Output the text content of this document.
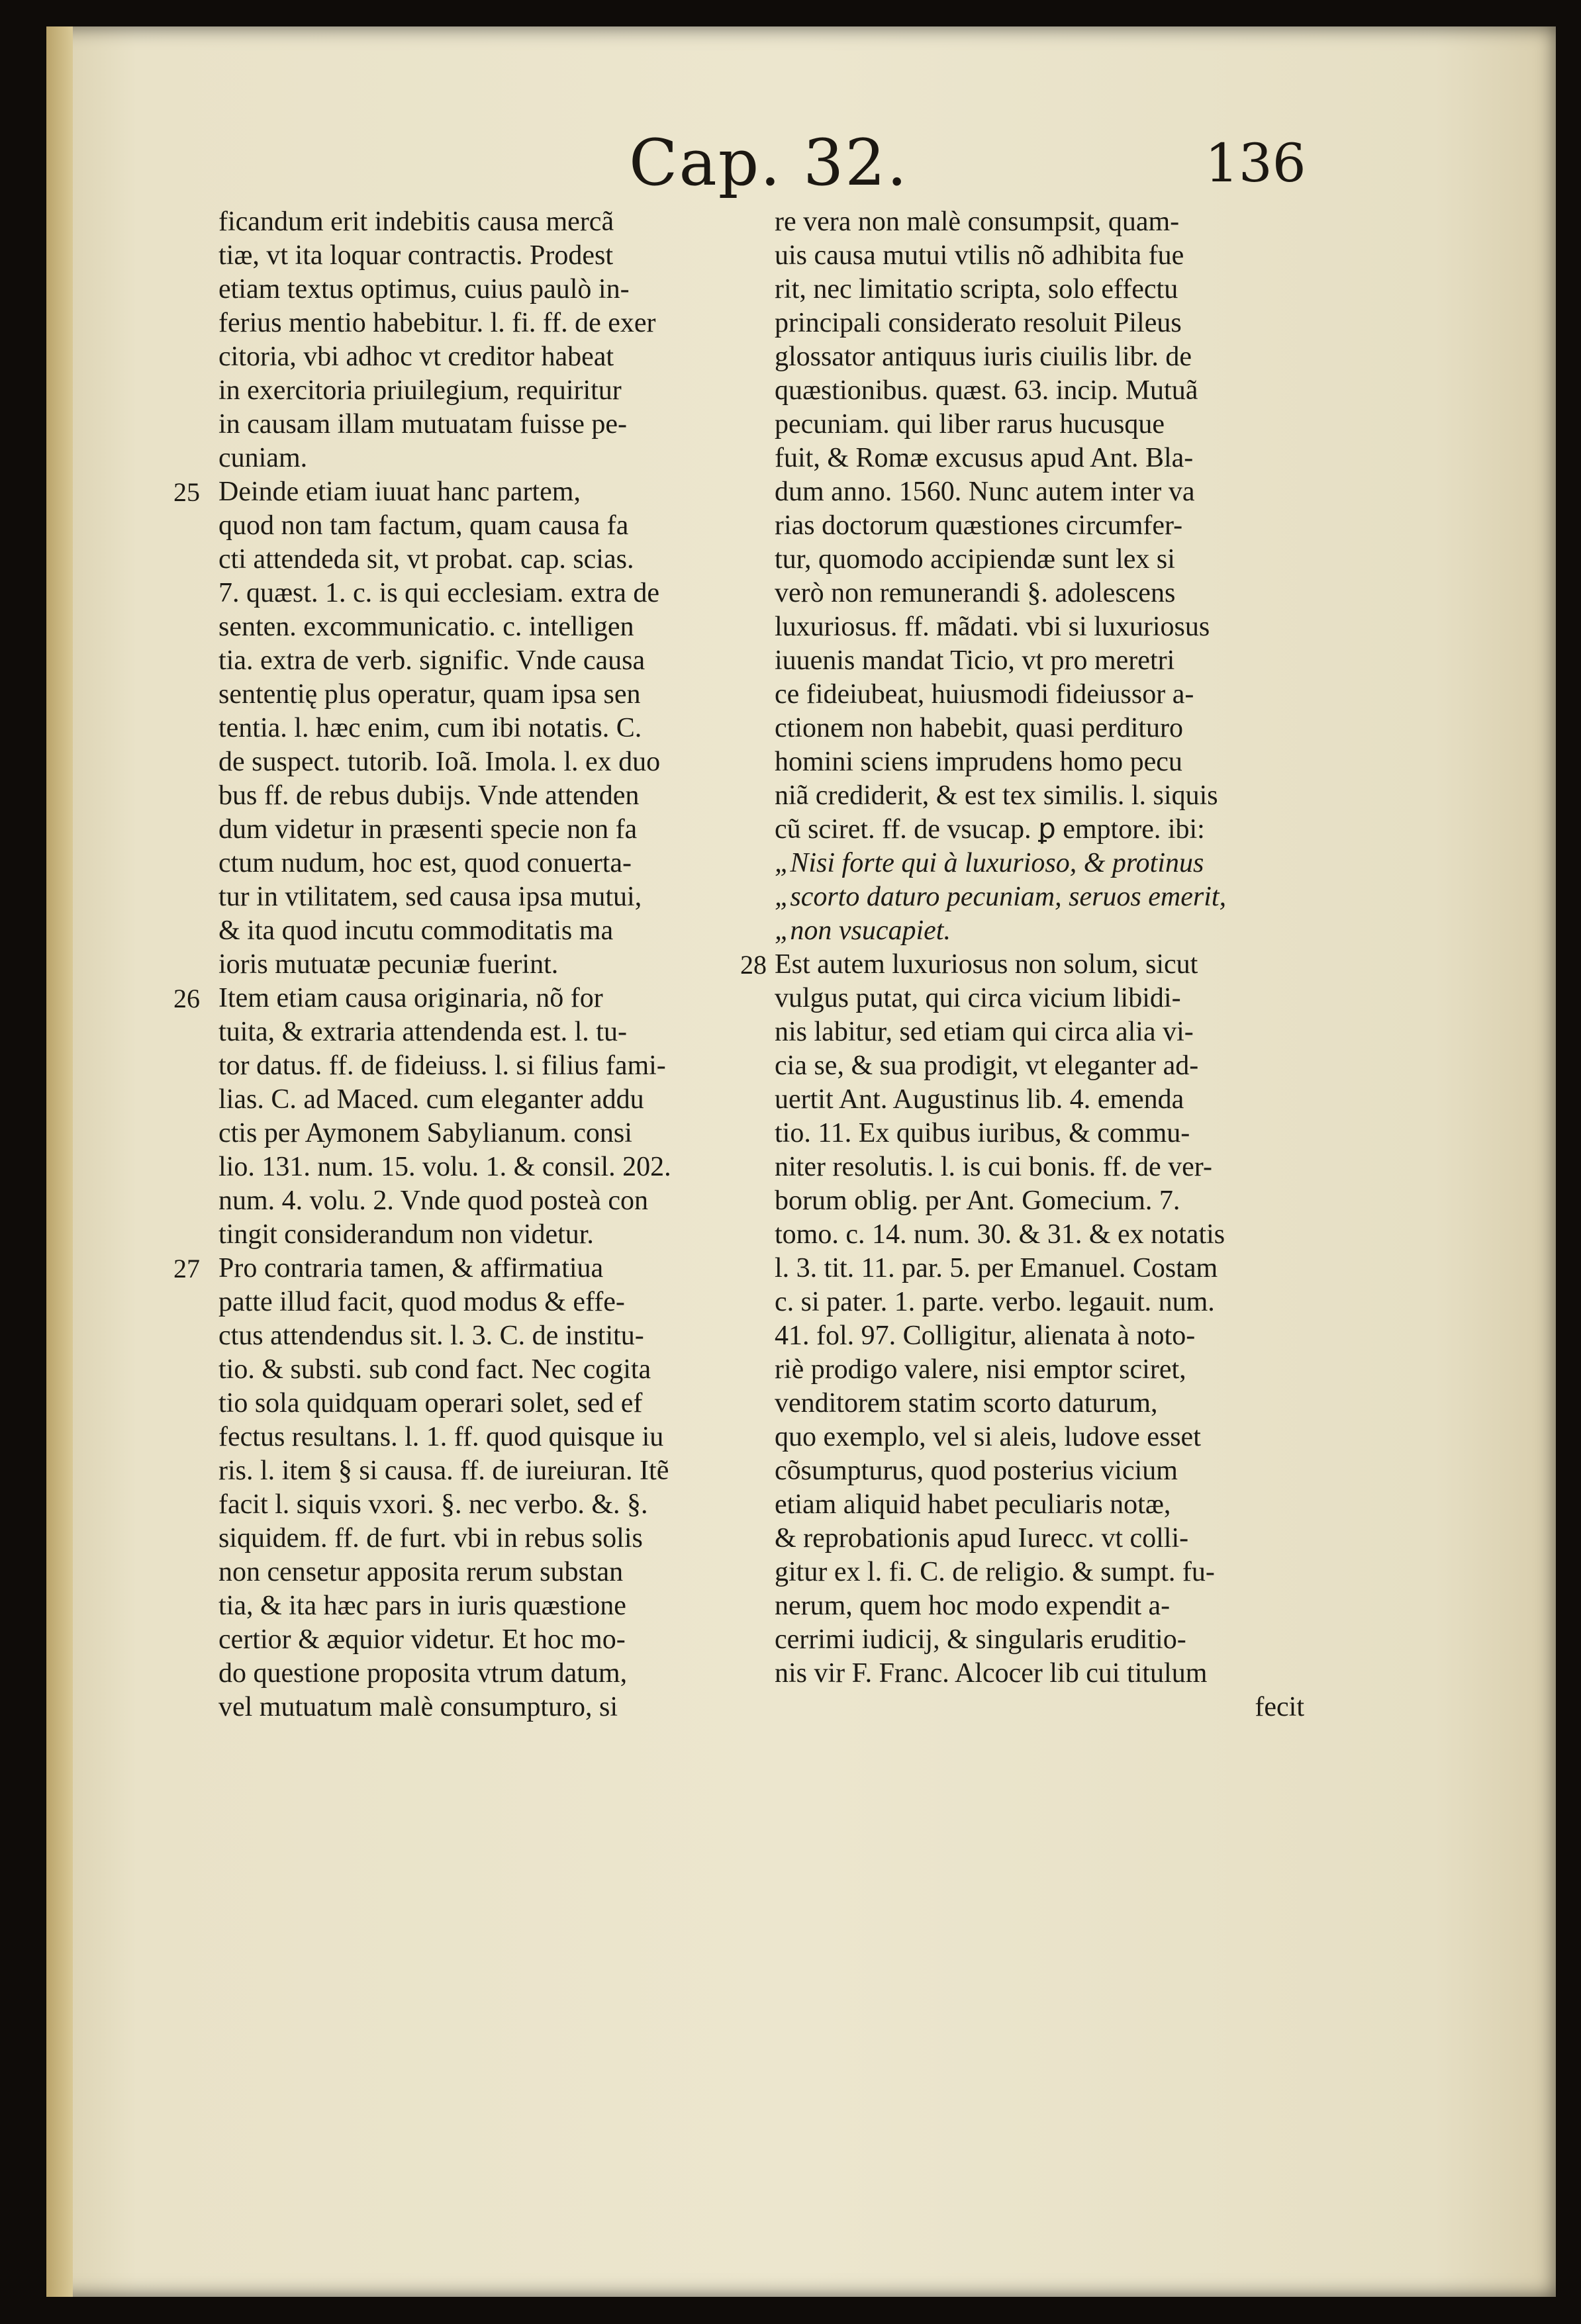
Cap. 32.	136
ficandum erit indebitis causa mercã
tiæ, vt ita loquar contractis. Prodest
etiam textus optimus, cuius paulò in-
ferius mentio habebitur. l. fi. ff. de exer
citoria, vbi adhoc vt creditor habeat
in exercitoria priuilegium, requiritur
in causam illam mutuatam fuisse pe-
cuniam.
25 Deinde etiam iuuat hanc partem,
quod non tam factum, quam causa fa
cti attendeda sit, vt probat. cap. scias.
7. quæst. 1. c. is qui ecclesiam. extra de
senten. excommunicatio. c. intelligen
tia. extra de verb. signific. Vnde causa
sententię plus operatur, quam ipsa sen
tentia. l. hæc enim, cum ibi notatis. C.
de suspect. tutorib. Ioã. Imola. l. ex duo
bus ff. de rebus dubijs. Vnde attenden
dum videtur in præsenti specie non fa
ctum nudum, hoc est, quod conuerta-
tur in vtilitatem, sed causa ipsa mutui,
& ita quod incutu commoditatis ma
ioris mutuatæ pecuniæ fuerint.
26 Item etiam causa originaria, nõ for
tuita, & extraria attendenda est. l. tu-
tor datus. ff. de fideiuss. l. si filius fami-
lias. C. ad Maced. cum eleganter addu
ctis per Aymonem Sabylianum. consi
lio. 131. num. 15. volu. 1. & consil. 202.
num. 4. volu. 2. Vnde quod posteà con
tingit considerandum non videtur.
27 Pro contraria tamen, & affirmatiua
patte illud facit, quod modus & effe-
ctus attendendus sit. l. 3. C. de institu-
tio. & substi. sub cond fact. Nec cogita
tio sola quidquam operari solet, sed ef
fectus resultans. l. 1. ff. quod quisque iu
ris. l. item § si causa. ff. de iureiuran. Itẽ
facit l. siquis vxori. §. nec verbo. &. §.
siquidem. ff. de furt. vbi in rebus solis
non censetur apposita rerum substan
tia, & ita hæc pars in iuris quæstione
certior & æquior videtur. Et hoc mo-
do questione proposita vtrum datum,
vel mutuatum malè consumpturo, si
re vera non malè consumpsit, quam-
uis causa mutui vtilis nõ adhibita fue
rit, nec limitatio scripta, solo effectu
principali considerato resoluit Pileus
glossator antiquus iuris ciuilis libr. de
quæstionibus. quæst. 63. incip. Mutuã
pecuniam. qui liber rarus hucusque
fuit, & Romæ excusus apud Ant. Bla-
dum anno. 1560. Nunc autem inter va
rias doctorum quæstiones circumfer-
tur, quomodo accipiendæ sunt lex si
verò non remunerandi §. adolescens
luxuriosus. ff. mãdati. vbi si luxuriosus
iuuenis mandat Ticio, vt pro meretri
ce fideiubeat, huiusmodi fideiussor a-
ctionem non habebit, quasi perdituro
homini sciens imprudens homo pecu
niã crediderit, & est tex similis. l. siquis
cũ sciret. ff. de vsucap. ꝑ emptore. ibi:
„Nisi forte qui à luxurioso, & protinus
„scorto daturo pecuniam, seruos emerit,
„non vsucapiet.
28 Est autem luxuriosus non solum, sicut
vulgus putat, qui circa vicium libidi-
nis labitur, sed etiam qui circa alia vi-
cia se, & sua prodigit, vt eleganter ad-
uertit Ant. Augustinus lib. 4. emenda
tio. 11. Ex quibus iuribus, & commu-
niter resolutis. l. is cui bonis. ff. de ver-
borum oblig. per Ant. Gomecium. 7.
tomo. c. 14. num. 30. & 31. & ex notatis
l. 3. tit. 11. par. 5. per Emanuel. Costam
c. si pater. 1. parte. verbo. legauit. num.
41. fol. 97. Colligitur, alienata à noto-
riè prodigo valere, nisi emptor sciret,
venditorem statim scorto daturum,
quo exemplo, vel si aleis, ludove esset
cõsumpturus, quod posterius vicium
etiam aliquid habet peculiaris notæ,
& reprobationis apud Iurecc. vt colli-
gitur ex l. fi. C. de religio. & sumpt. fu-
nerum, quem hoc modo expendit a-
cerrimi iudicij, & singularis eruditio-
nis vir F. Franc. Alcocer lib cui titulum
fecit
